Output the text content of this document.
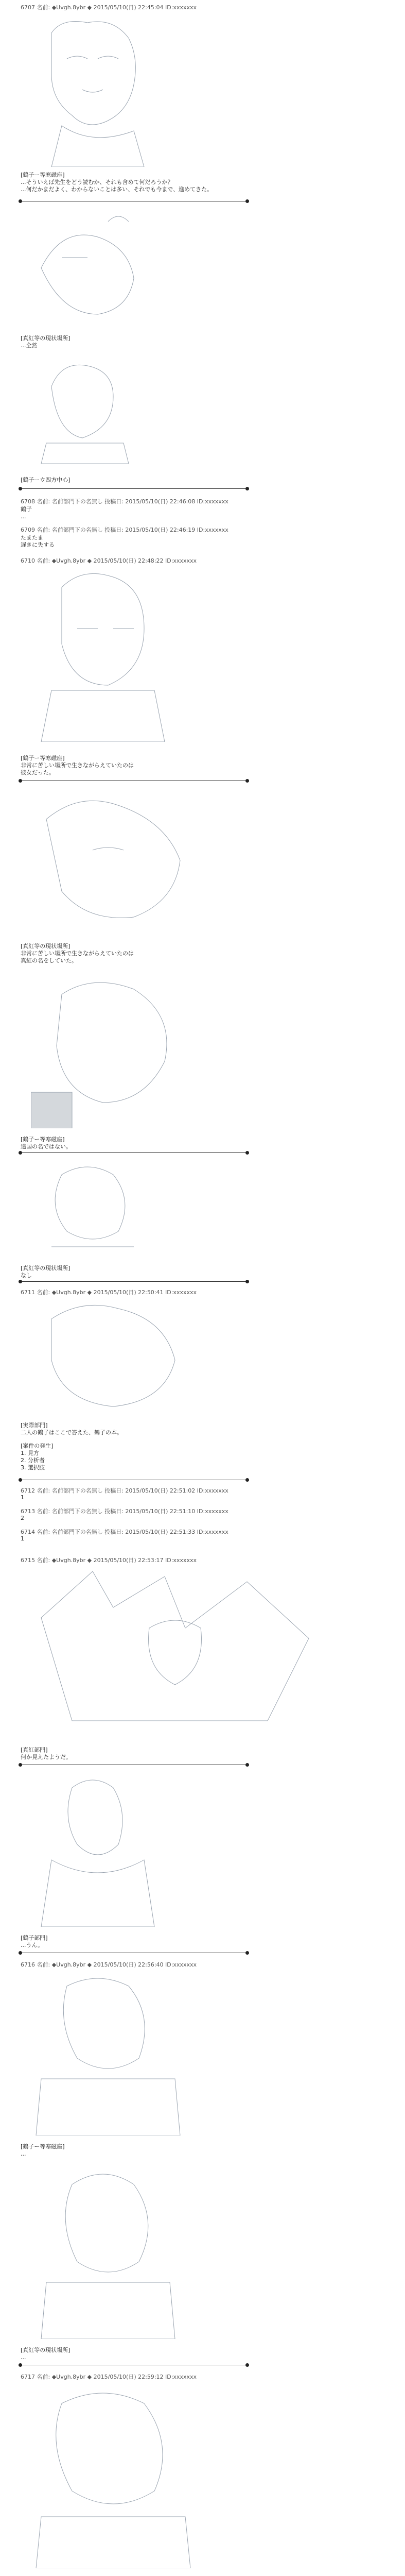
6707 名前: ◆Uvgh.8ybr ◆ 2015/05/10(日) 22:45:04 ID:xxxxxxx
[鶴子ー等寒磁座]
...そういえば先生をどう読むか、それも含めて何だろうか？
...何だかまだよく、わからないことは多い、それでも今まで、進めてきた。
[真紅等の現状場所]
...全然
[鶴子ーウ四方中心]
6708 名前: 名前部門下の名無し 投稿日: 2015/05/10(日) 22:46:08 ID:xxxxxxx
鶴子
...
6709 名前: 名前部門下の名無し 投稿日: 2015/05/10(日) 22:46:19 ID:xxxxxxx
たまたま
遅きに失する
6710 名前: ◆Uvgh.8ybr ◆ 2015/05/10(日) 22:48:22 ID:xxxxxxx
[鶴子ー等寒磁座]
非常に苦しい場所で生きながらえていたのは
彼女だった。
[真紅等の現状場所]
非常に苦しい場所で生きながらえていたのは
真紅の名をしていた。
[鶴子ー等寒磁座]
遠国の名ではない。
[真紅等の現状場所]
なし
6711 名前: ◆Uvgh.8ybr ◆ 2015/05/10(日) 22:50:41 ID:xxxxxxx
[実際部門]
二人の鶴子はここで答えた、鶴子の本。
[案件の発生]
1. 見方
2. 分析者
3. 選択肢
6712 名前: 名前部門下の名無し 投稿日: 2015/05/10(日) 22:51:02 ID:xxxxxxx
1
6713 名前: 名前部門下の名無し 投稿日: 2015/05/10(日) 22:51:10 ID:xxxxxxx
2
6714 名前: 名前部門下の名無し 投稿日: 2015/05/10(日) 22:51:33 ID:xxxxxxx
1
6715 名前: ◆Uvgh.8ybr ◆ 2015/05/10(日) 22:53:17 ID:xxxxxxx
[真紅部門]
何か見えたようだ。
[鶴子部門]
...うん。
6716 名前: ◆Uvgh.8ybr ◆ 2015/05/10(日) 22:56:40 ID:xxxxxxx
[鶴子ー等寒磁座]
...
[真紅等の現状場所]
...
6717 名前: ◆Uvgh.8ybr ◆ 2015/05/10(日) 22:59:12 ID:xxxxxxx
